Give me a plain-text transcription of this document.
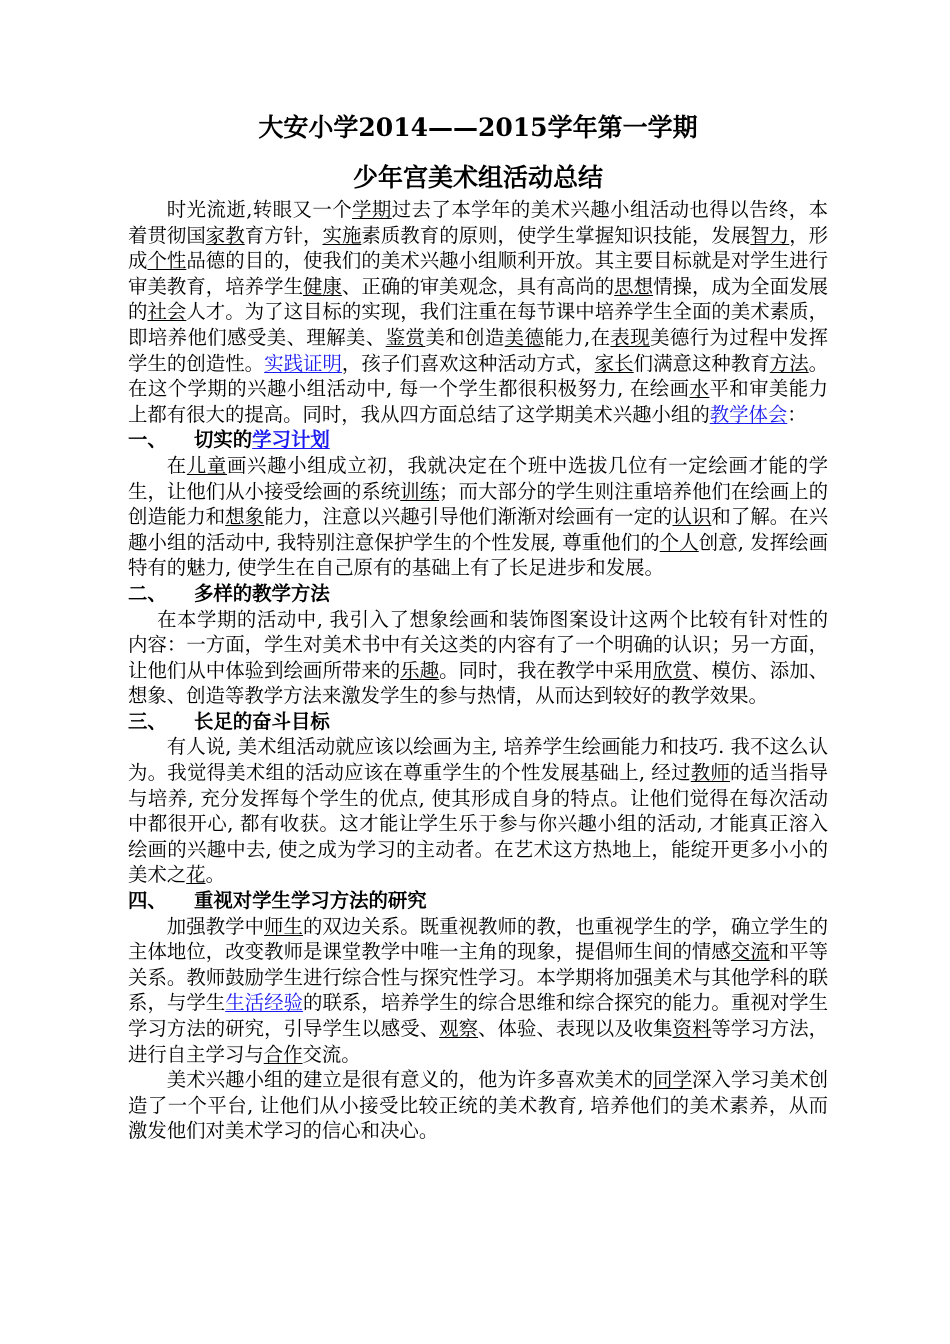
大安小学2014——2015学年第一学期
少年宫美术组活动总结

时光流逝,转眼又一个学期过去了本学年的美术兴趣小组活动也得以告终，本着贯彻国家教育方针，实施素质教育的原则，使学生掌握知识技能，发展智力，形成个性品德的目的，使我们的美术兴趣小组顺利开放。其主要目标就是对学生进行审美教育，培养学生健康、正确的审美观念，具有高尚的思想情操，成为全面发展的社会人才。为了这目标的实现，我们注重在每节课中培养学生全面的美术素质，即培养他们感受美、理解美、鉴赏美和创造美德能力,在表现美德行为过程中发挥学生的创造性。实践证明，孩子们喜欢这种活动方式，家长们满意这种教育方法。在这个学期的兴趣小组活动中, 每一个学生都很积极努力, 在绘画水平和审美能力上都有很大的提高。同时，我从四方面总结了这学期美术兴趣小组的教学体会：

一、 切实的学习计划

在儿童画兴趣小组成立初，我就决定在个班中选拔几位有一定绘画才能的学生，让他们从小接受绘画的系统训练；而大部分的学生则注重培养他们在绘画上的创造能力和想象能力，注意以兴趣引导他们渐渐对绘画有一定的认识和了解。在兴趣小组的活动中, 我特别注意保护学生的个性发展, 尊重他们的个人创意, 发挥绘画特有的魅力, 使学生在自己原有的基础上有了长足进步和发展。

二、 多样的教学方法

在本学期的活动中, 我引入了想象绘画和装饰图案设计这两个比较有针对性的内容：一方面，学生对美术书中有关这类的内容有了一个明确的认识；另一方面，让他们从中体验到绘画所带来的乐趣。同时，我在教学中采用欣赏、模仿、添加、想象、创造等教学方法来激发学生的参与热情，从而达到较好的教学效果。

三、 长足的奋斗目标

有人说, 美术组活动就应该以绘画为主, 培养学生绘画能力和技巧. 我不这么认为。我觉得美术组的活动应该在尊重学生的个性发展基础上, 经过教师的适当指导与培养, 充分发挥每个学生的优点, 使其形成自身的特点。让他们觉得在每次活动中都很开心, 都有收获。这才能让学生乐于参与你兴趣小组的活动, 才能真正溶入绘画的兴趣中去, 使之成为学习的主动者。在艺术这方热地上，能绽开更多小小的美术之花。

四、 重视对学生学习方法的研究

加强教学中师生的双边关系。既重视教师的教，也重视学生的学，确立学生的主体地位，改变教师是课堂教学中唯一主角的现象，提倡师生间的情感交流和平等关系。教师鼓励学生进行综合性与探究性学习。本学期将加强美术与其他学科的联系，与学生生活经验的联系，培养学生的综合思维和综合探究的能力。重视对学生学习方法的研究，引导学生以感受、观察、体验、表现以及收集资料等学习方法，进行自主学习与合作交流。

美术兴趣小组的建立是很有意义的，他为许多喜欢美术的同学深入学习美术创造了一个平台, 让他们从小接受比较正统的美术教育, 培养他们的美术素养，从而激发他们对美术学习的信心和决心。
